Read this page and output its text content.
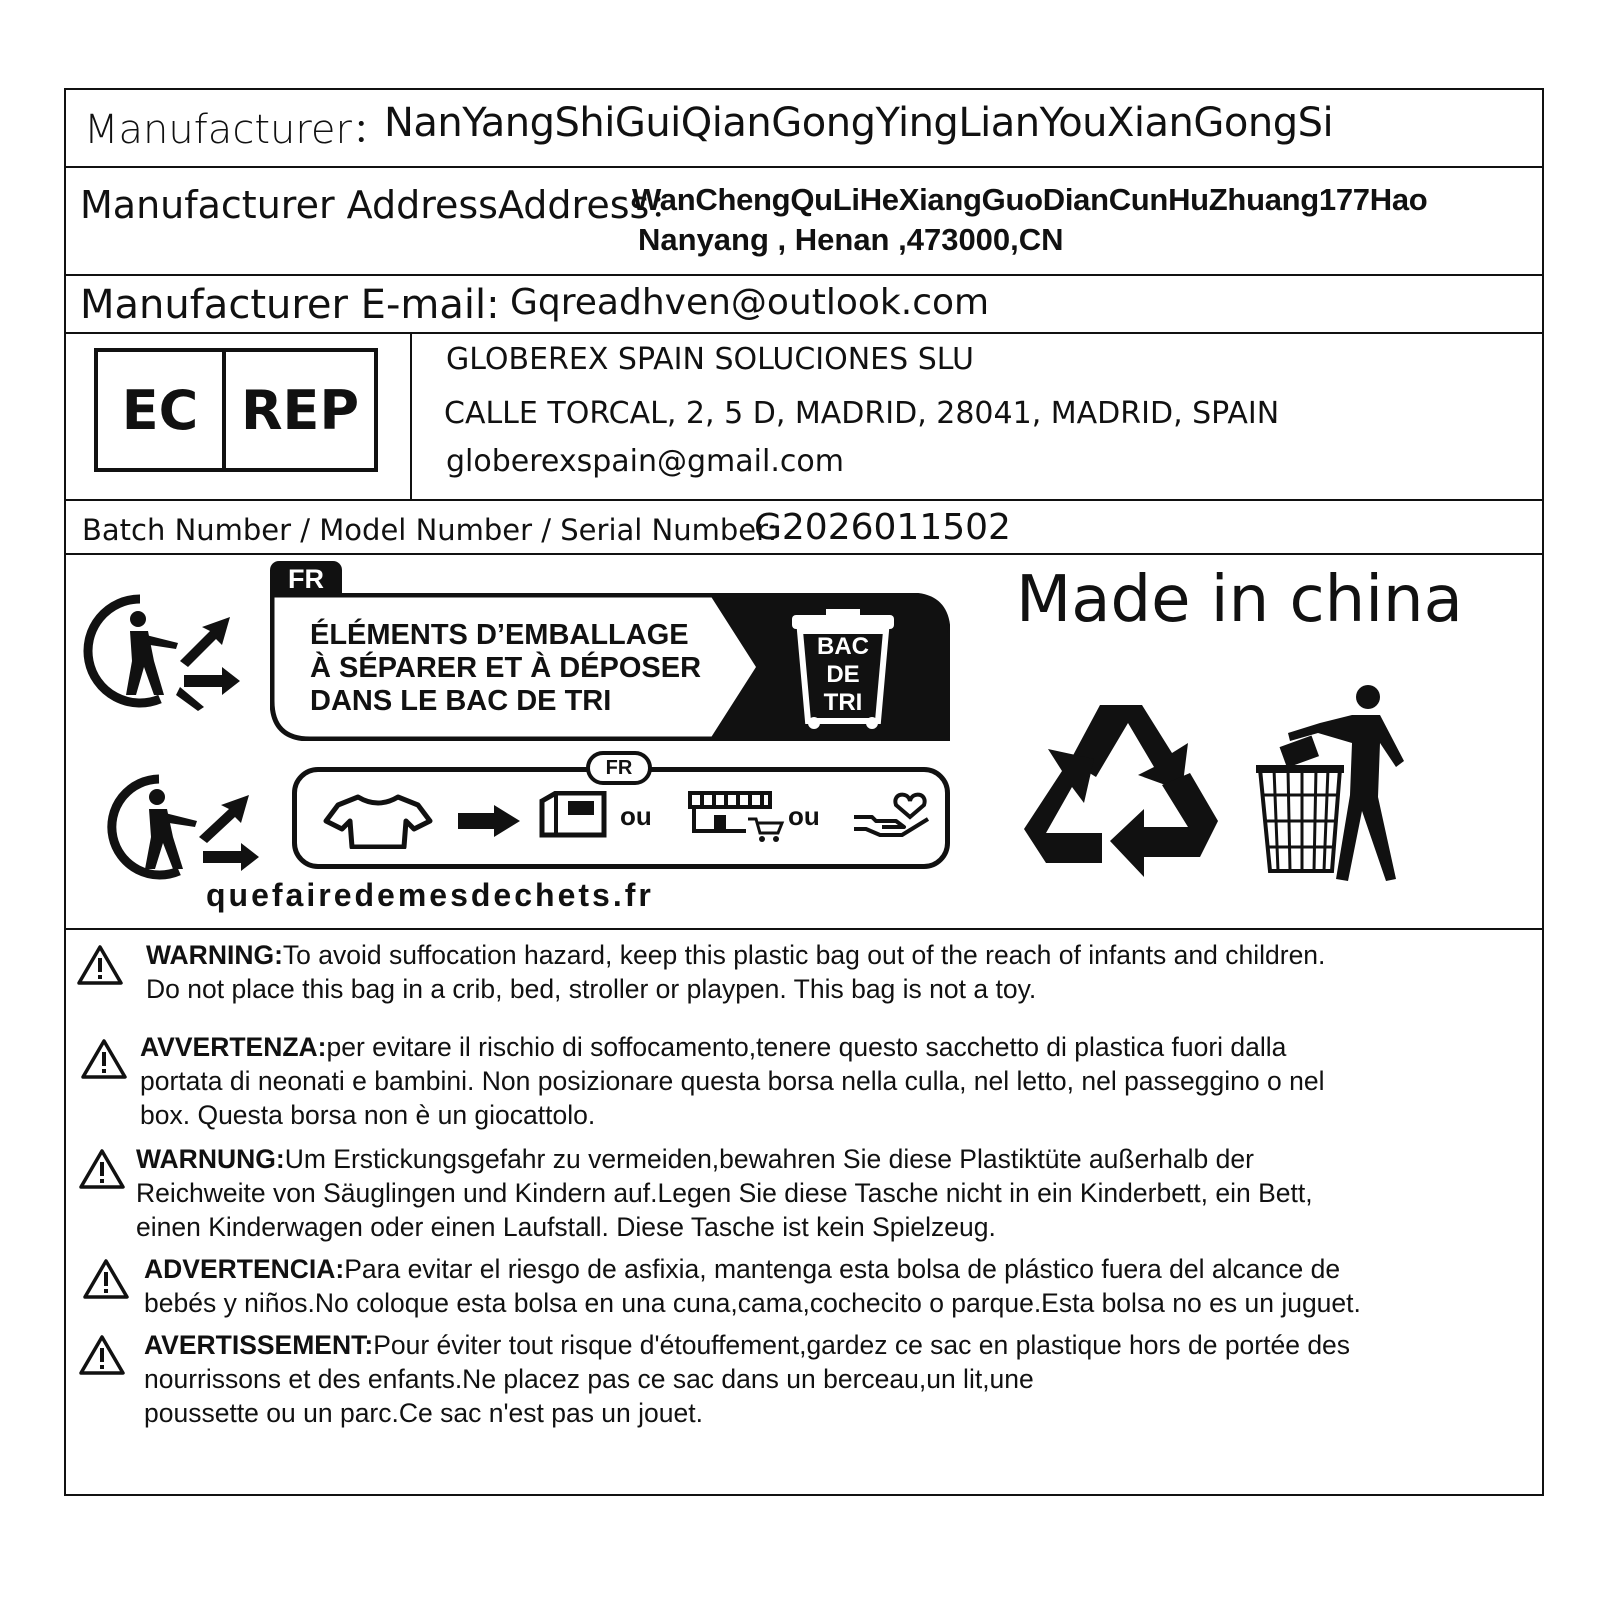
Manufacturer：
NanYangShiGuiQianGongYingLianYouXianGongSi
Manufacturer AddressAddress：
WanChengQuLiHeXiangGuoDianCunHuZhuang177Hao
Nanyang , Henan ,473000,CN
Manufacturer E-mail: Gqreadhven@outlook.com
EC REP
GLOBEREX SPAIN SOLUCIONES SLU
CALLE TORCAL, 2, 5 D, MADRID, 28041, MADRID, SPAIN
globerexspain@gmail.com
Batch Number / Model Number / Serial Number:
G2026011502
FR
ÉLÉMENTS D’EMBALLAGE
À SÉPARER ET À DÉPOSER
DANS LE BAC DE TRI
BAC
DE
TRI
FR
ou	ou
quefairedemesdechets.fr
Made in china
WARNING:To avoid suffocation hazard, keep this plastic bag out of the reach of infants and children.
Do not place this bag in a crib, bed, stroller or playpen. This bag is not a toy.
AVVERTENZA:per evitare il rischio di soffocamento,tenere questo sacchetto di plastica fuori dalla
portata di neonati e bambini. Non posizionare questa borsa nella culla, nel letto, nel passeggino o nel
box. Questa borsa non è un giocattolo.
WARNUNG:Um Erstickungsgefahr zu vermeiden,bewahren Sie diese Plastiktüte außerhalb der
Reichweite von Säuglingen und Kindern auf.Legen Sie diese Tasche nicht in ein Kinderbett, ein Bett,
einen Kinderwagen oder einen Laufstall. Diese Tasche ist kein Spielzeug.
ADVERTENCIA:Para evitar el riesgo de asfixia, mantenga esta bolsa de plástico fuera del alcance de
bebés y niños.No coloque esta bolsa en una cuna,cama,cochecito o parque.Esta bolsa no es un juguet.
AVERTISSEMENT:Pour éviter tout risque d'étouffement,gardez ce sac en plastique hors de portée des
nourrissons et des enfants.Ne placez pas ce sac dans un berceau,un lit,une
poussette ou un parc.Ce sac n'est pas un jouet.
